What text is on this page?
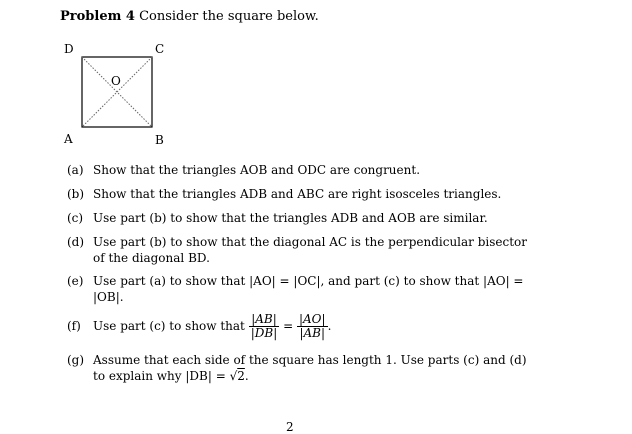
Problem 4 Consider the square below.
D	C
A	B
O
(a) Show that the triangles AOB and ODC are congruent.
(b) Show that the triangles ADB and ABC are right isosceles triangles.
(c) Use part (b) to show that the triangles ADB and AOB are similar.
(d) Use part (b) to show that the diagonal AC is the perpendicular bisector
of the diagonal BD.
(e) Use part (a) to show that |AO| = |OC|, and part (c) to show that |AO| =
|OB|.
(f) Use part (c) to show that $\frac{|AB|}{|DB|} = \frac{|AO|}{|AB|}$ .
(g) Assume that each side of the square has length 1. Use parts (c) and (d)
to explain why |DB| = √2.
2
